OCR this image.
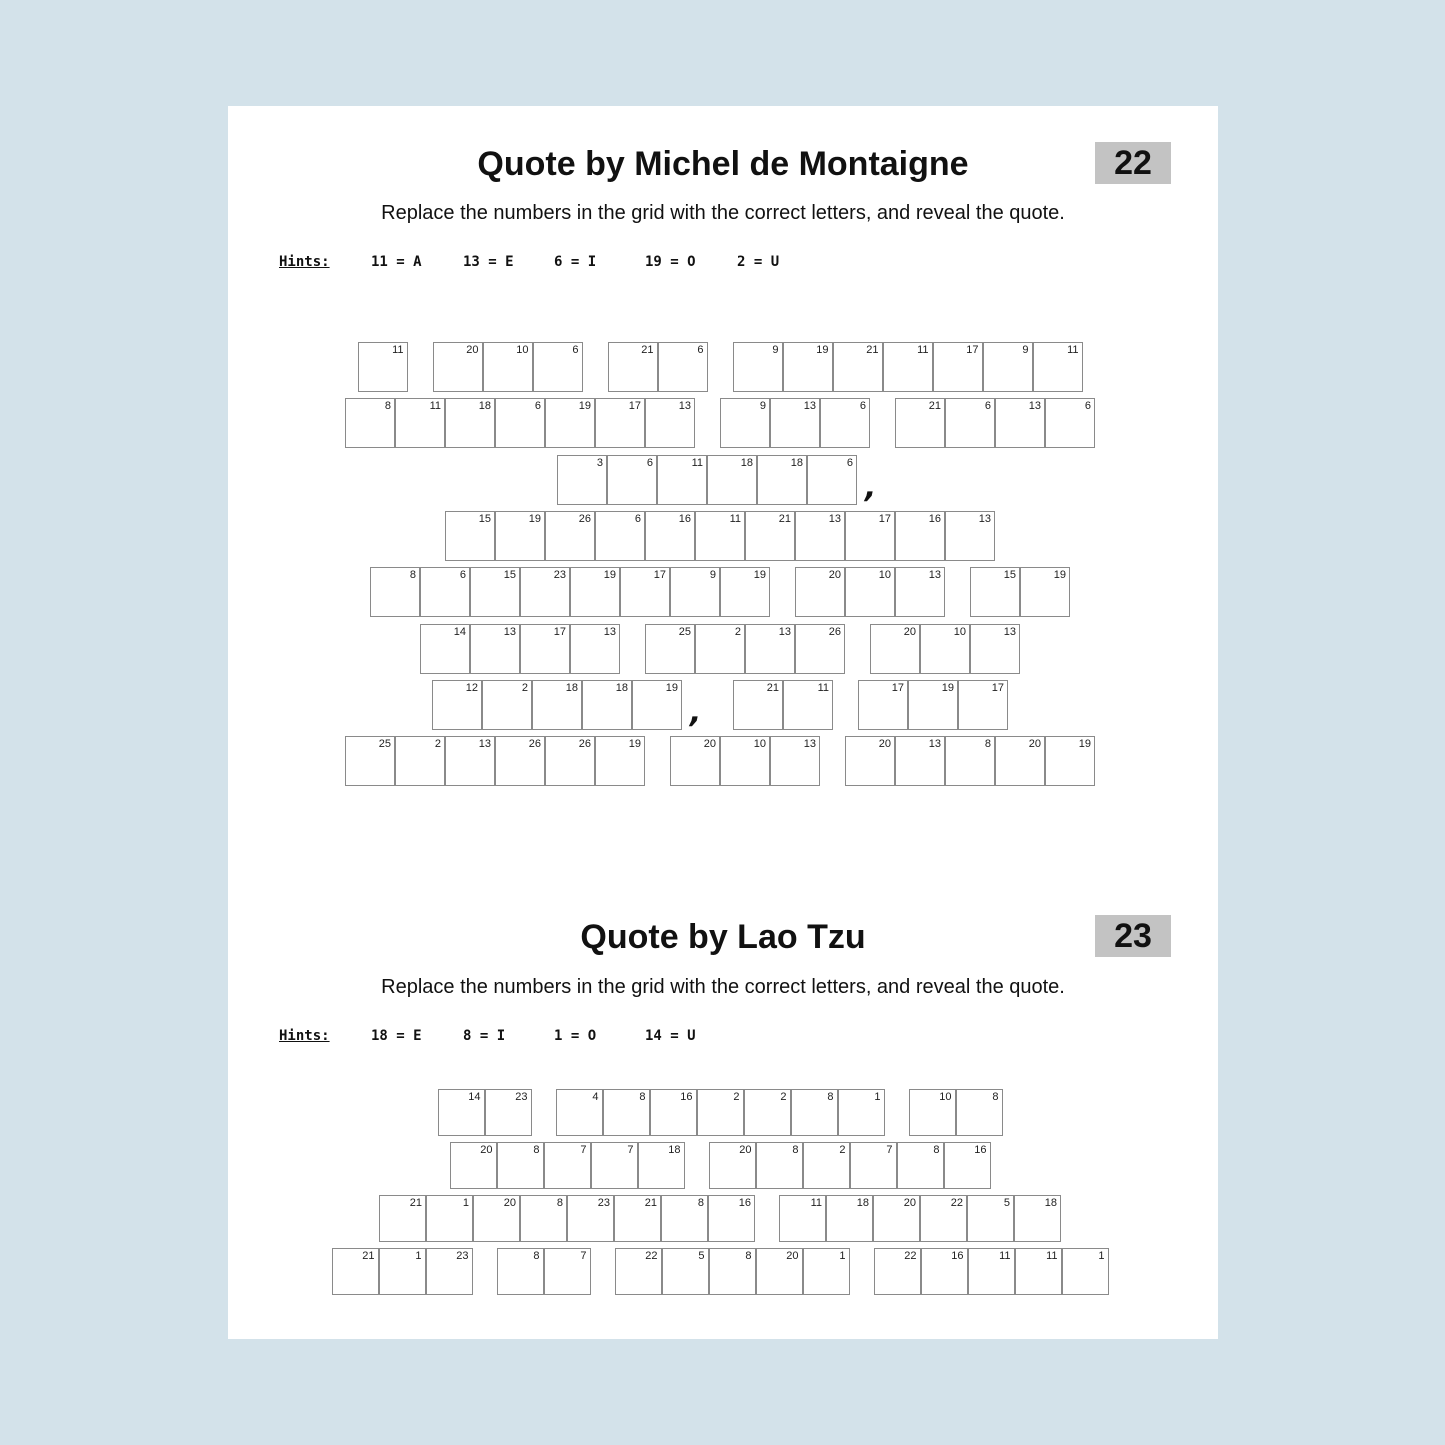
Quote by Michel de Montaigne	22
Replace the numbers in the grid with the correct letters, and reveal the quote.
Hints:	11 = A	13 = E	6 = I	19 = O	2 = U
11	20	10	6	21	6	9	19	21	11	17	9	11
8	11	18	6	19	17	13	9	13	6	21	6	13	6
3	6	11	18	18	6
,
15	19	26	6	16	11	21	13	17	16	13
8	6	15	23	19	17	9	19	20	10	13	15	19
14	13	17	13	25	2	13	26	20	10	13
12	2	18	18	19
,
21	11	17	19	17
25	2	13	26	26	19	20	10	13	20	13	8	20	19
Quote by Lao Tzu	23
Replace the numbers in the grid with the correct letters, and reveal the quote.
Hints:	18 = E	8 = I	1 = O	14 = U
14	23	4	8	16	2	2	8	1	10	8
20	8	7	7	18	20	8	2	7	8	16
21	1	20	8	23	21	8	16	11	18	20	22	5	18
21	1	23	8	7	22	5	8	20	1	22	16	11	11	1
